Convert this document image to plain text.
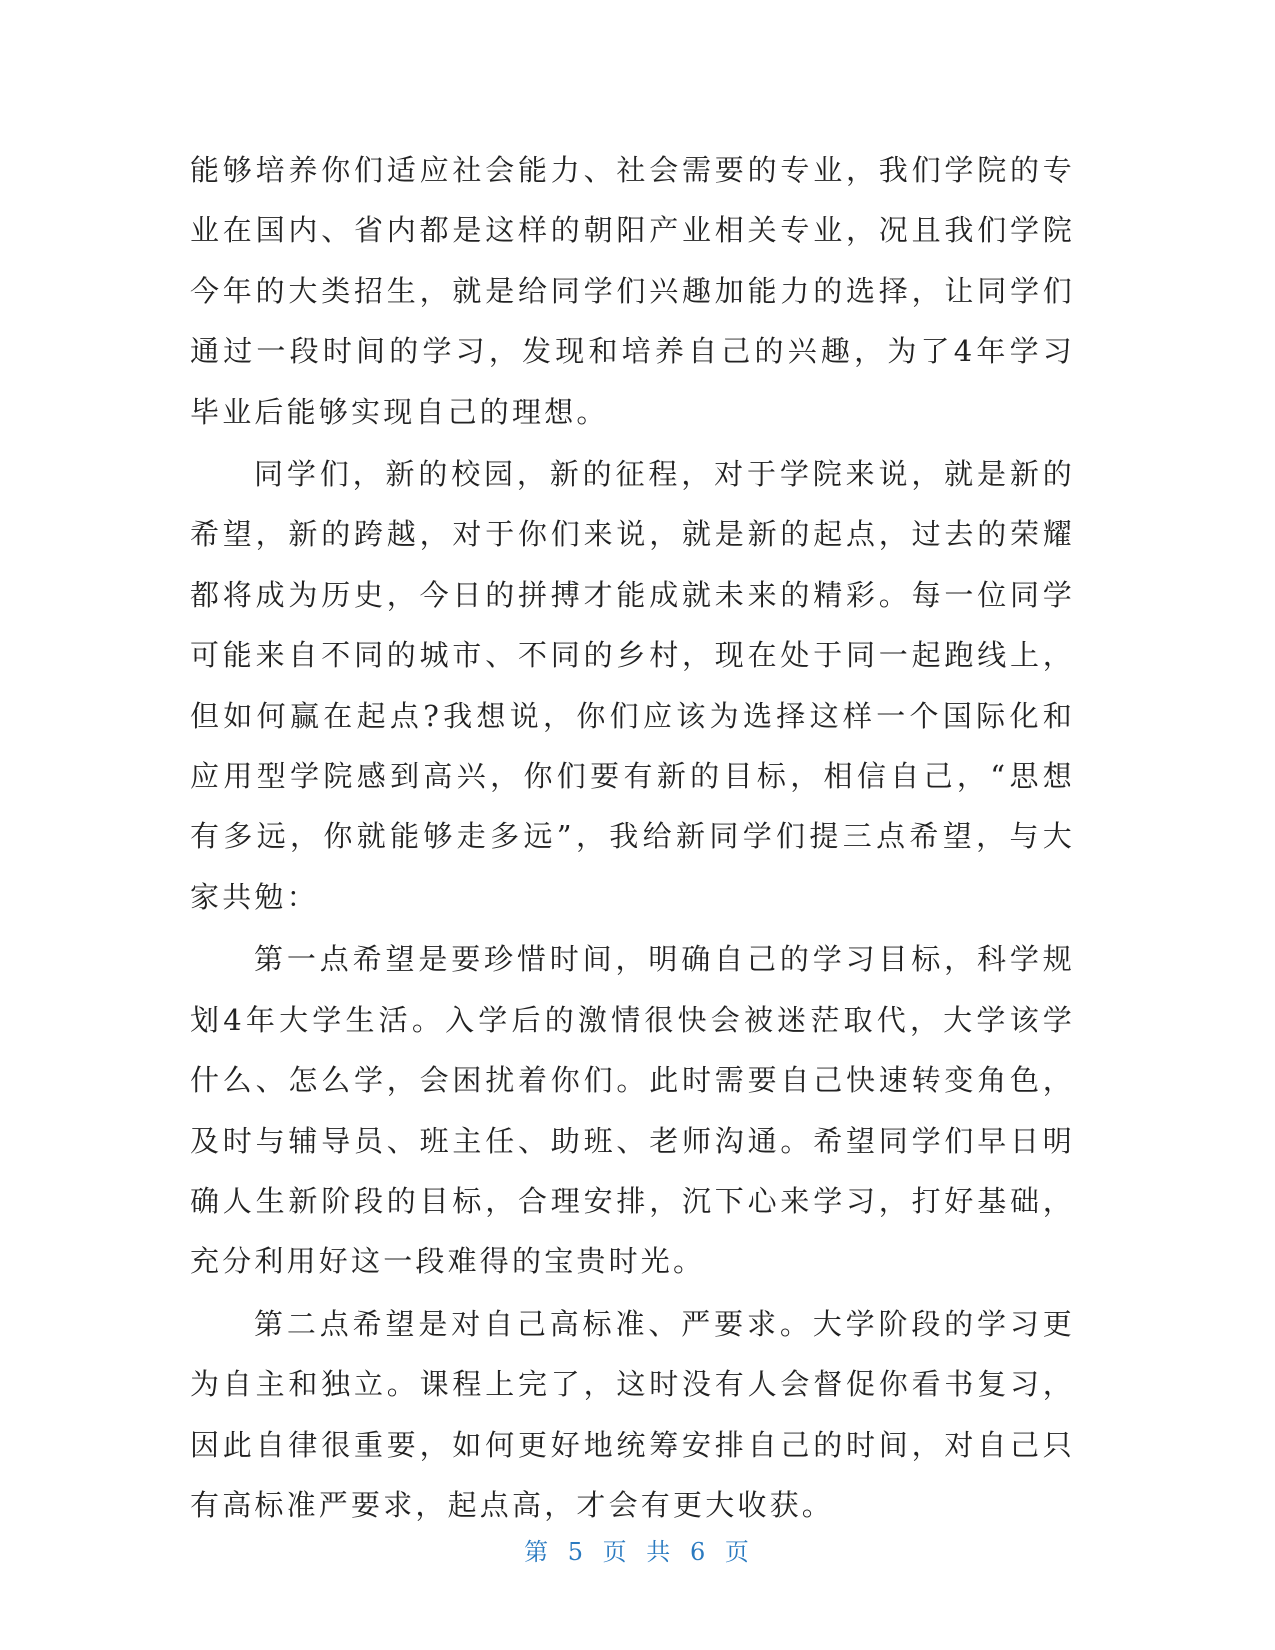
能够培养你们适应社会能力、社会需要的专业，我们学院的专业在国内、省内都是这样的朝阳产业相关专业，况且我们学院今年的大类招生，就是给同学们兴趣加能力的选择，让同学们通过一段时间的学习，发现和培养自己的兴趣，为了4年学习毕业后能够实现自己的理想。

同学们，新的校园，新的征程，对于学院来说，就是新的希望，新的跨越，对于你们来说，就是新的起点，过去的荣耀都将成为历史，今日的拼搏才能成就未来的精彩。每一位同学可能来自不同的城市、不同的乡村，现在处于同一起跑线上，但如何赢在起点?我想说，你们应该为选择这样一个国际化和应用型学院感到高兴，你们要有新的目标，相信自己，“思想有多远，你就能够走多远”，我给新同学们提三点希望，与大家共勉：

第一点希望是要珍惜时间，明确自己的学习目标，科学规划4年大学生活。入学后的激情很快会被迷茫取代，大学该学什么、怎么学，会困扰着你们。此时需要自己快速转变角色，及时与辅导员、班主任、助班、老师沟通。希望同学们早日明确人生新阶段的目标，合理安排，沉下心来学习，打好基础，充分利用好这一段难得的宝贵时光。

第二点希望是对自己高标准、严要求。大学阶段的学习更为自主和独立。课程上完了，这时没有人会督促你看书复习，因此自律很重要，如何更好地统筹安排自己的时间，对自己只有高标准严要求，起点高，才会有更大收获。

第 5 页 共 6 页
